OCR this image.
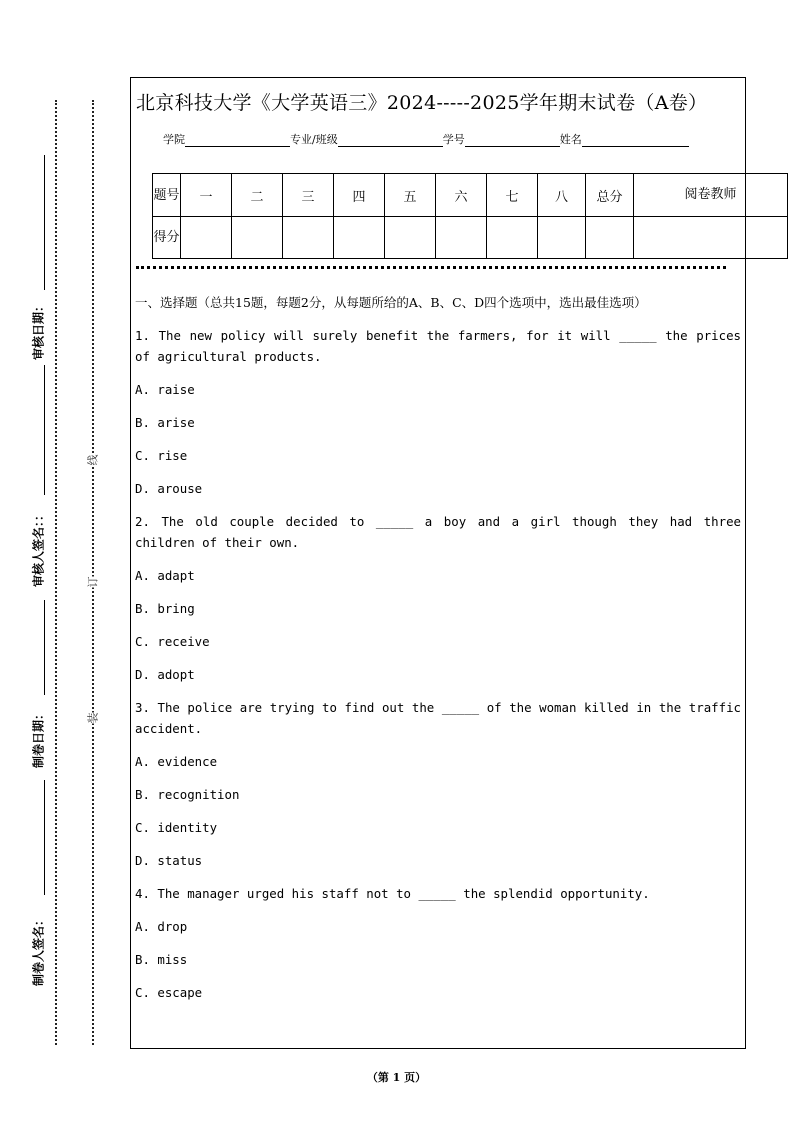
审核日期：
审核人签名：：
制卷日期：
制卷人签名：
线
订
装
北京科技大学《大学英语三》2024-----2025学年期末试卷（A卷）
学院	专业/班级	学号	姓名
题号	一	二	三	四	五	六	七	八	总分	阅卷教师
得分										

一、选择题（总共15题，每题2分，从每题所给的A、B、C、D四个选项中，选出最佳选项）

1. The new policy will surely benefit the farmers, for it will _____ the prices of agricultural products.

A. raise

B. arise

C. rise

D. arouse

2. The old couple decided to _____ a boy and a girl though they had three children of their own.

A. adapt

B. bring

C. receive

D. adopt

3. The police are trying to find out the _____ of the woman killed in the traffic accident.

A. evidence

B. recognition

C. identity

D. status

4. The manager urged his staff not to _____ the splendid opportunity.

A. drop

B. miss

C. escape

（第 1 页）
